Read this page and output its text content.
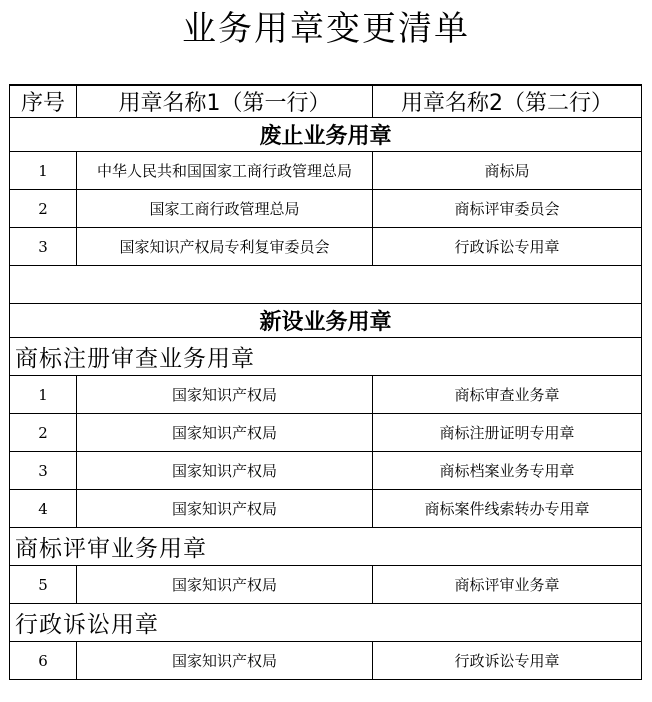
业务用章变更清单
序号	用章名称1（第一行）	用章名称2（第二行）
废止业务用章		
1	中华人民共和国国家工商行政管理总局	商标局
2	国家工商行政管理总局	商标评审委员会
3	国家知识产权局专利复审委员会	行政诉讼专用章

新设业务用章		
商标注册审查业务用章		
1	国家知识产权局	商标审查业务章
2	国家知识产权局	商标注册证明专用章
3	国家知识产权局	商标档案业务专用章
4	国家知识产权局	商标案件线索转办专用章
商标评审业务用章		
5	国家知识产权局	商标评审业务章
行政诉讼用章		
6	国家知识产权局	行政诉讼专用章
